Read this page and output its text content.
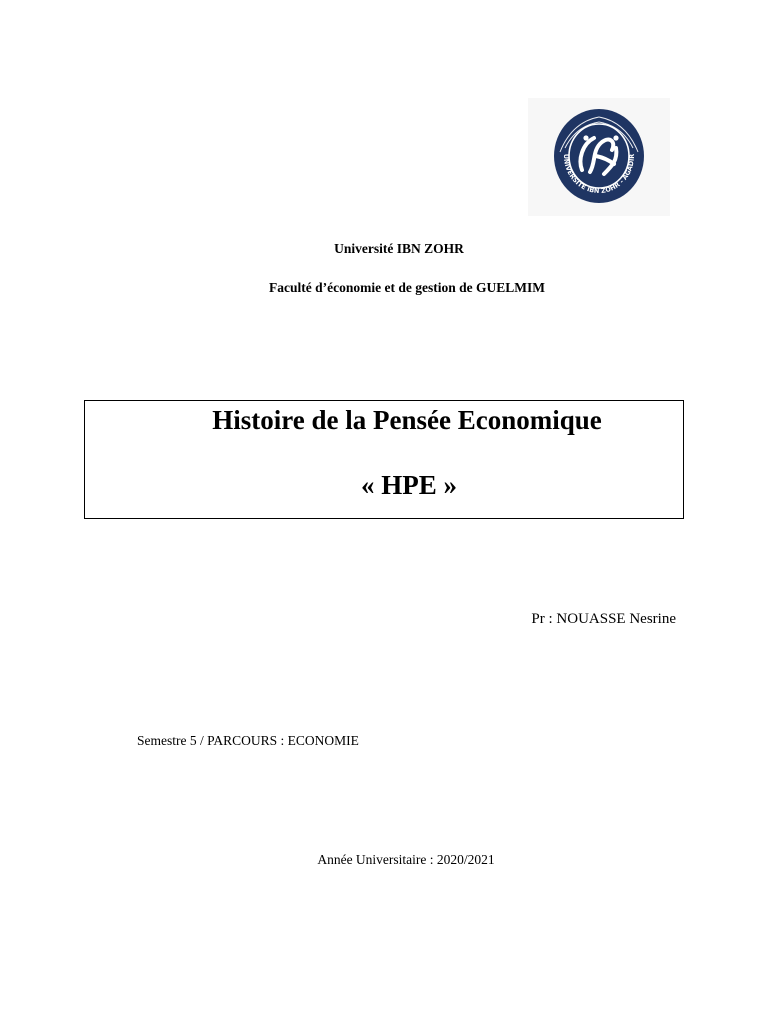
UNIVERSITE IBN ZOHR - AGADIR
Université IBN ZOHR
Faculté d’économie et de gestion de GUELMIM
Histoire de la Pensée Economique
« HPE »
Pr : NOUASSE Nesrine
Semestre 5 / PARCOURS : ECONOMIE
Année Universitaire : 2020/2021
